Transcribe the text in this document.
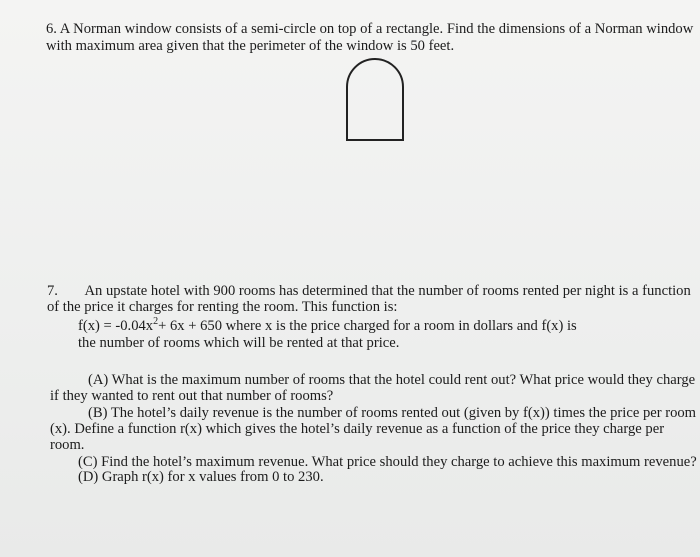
6. A Norman window consists of a semi-circle on top of a rectangle. Find the dimensions of a Norman window
with maximum area given that the perimeter of the window is 50 feet.
7. An upstate hotel with 900 rooms has determined that the number of rooms rented per night is a function
of the price it charges for renting the room. This function is:
$f(x) = -0.04x^2+ 6x + 650$ where x is the price charged for a room in dollars and f(x) is
the number of rooms which will be rented at that price.
(A) What is the maximum number of rooms that the hotel could rent out? What price would they charge
if they wanted to rent out that number of rooms?
(B) The hotel’s daily revenue is the number of rooms rented out (given by f(x)) times the price per room
(x). Define a function r(x) which gives the hotel’s daily revenue as a function of the price they charge per
room.
(C) Find the hotel’s maximum revenue. What price should they charge to achieve this maximum revenue?
(D) Graph r(x) for x values from 0 to 230.
